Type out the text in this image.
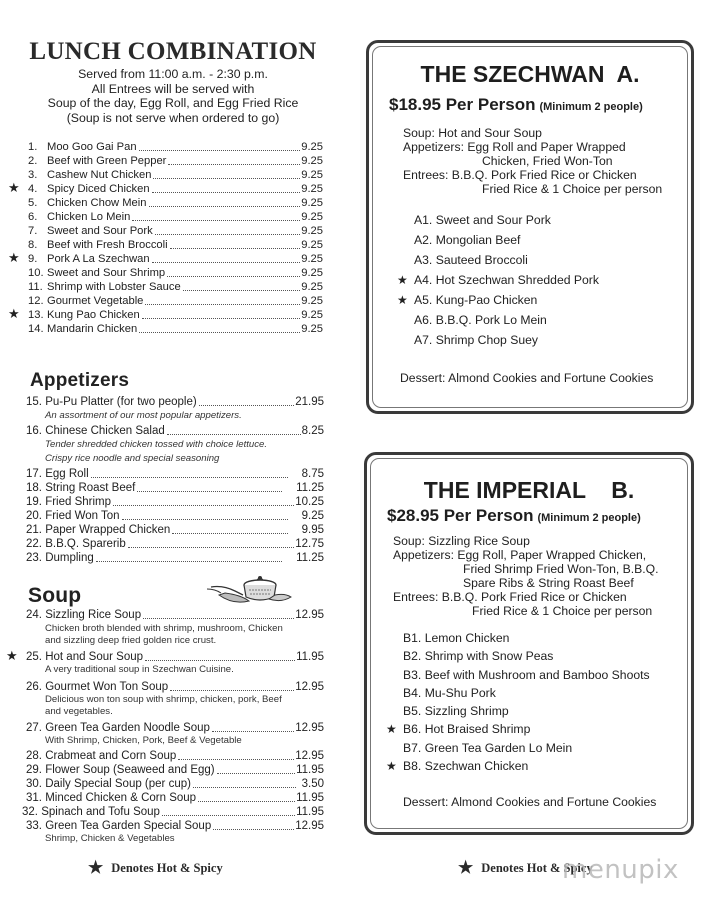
LUNCH COMBINATION
Served from 11:00 a.m. - 2:30 p.m.
All Entrees will be served with
Soup of the day, Egg Roll, and Egg Fried Rice
(Soup is not serve when ordered to go)
1. Moo Goo Gai Pan	9.25
2. Beef with Green Pepper	9.25
3. Cashew Nut Chicken	9.25
★ 4. Spicy Diced Chicken	9.25
5. Chicken Chow Mein	9.25
6. Chicken Lo Mein	9.25
7. Sweet and Sour Pork	9.25
8. Beef with Fresh Broccoli	9.25
★ 9. Pork A La Szechwan	9.25
10. Sweet and Sour Shrimp	9.25
11. Shrimp with Lobster Sauce	9.25
12. Gourmet Vegetable	9.25
★ 13. Kung Pao Chicken	9.25
14. Mandarin Chicken	9.25
Appetizers
15. Pu-Pu Platter (for two people)	21.95
An assortment of our most popular appetizers.
16. Chinese Chicken Salad	8.25
Tender shredded chicken tossed with choice lettuce.
Crispy rice noodle and special seasoning
17. Egg Roll	8.75
18. String Roast Beef	11.25
19. Fried Shrimp	10.25
20. Fried Won Ton	9.25
21. Paper Wrapped Chicken	9.95
22. B.B.Q. Sparerib	12.75
23. Dumpling	11.25
Soup
24. Sizzling Rice Soup	12.95
Chicken broth blended with shrimp, mushroom, Chicken
and sizzling deep fried golden rice crust.
★ 25. Hot and Sour Soup	11.95
A very traditional soup in Szechwan Cuisine.
26. Gourmet Won Ton Soup	12.95
Delicious won ton soup with shrimp, chicken, pork, Beef
and vegetables.
27. Green Tea Garden Noodle Soup	12.95
With Shrimp, Chicken, Pork, Beef & Vegetable
28. Crabmeat and Corn Soup	12.95
29. Flower Soup (Seaweed and Egg)	11.95
30. Daily Special Soup (per cup)	3.50
31. Minced Chicken & Corn Soup	11.95
32. Spinach and Tofu Soup	11.95
33. Green Tea Garden Special Soup	12.95
Shrimp, Chicken & Vegetables
★ Denotes Hot & Spicy
THE SZECHWAN  A.
$18.95 Per Person (Minimum 2 people)
Soup: Hot and Sour Soup
Appetizers: Egg Roll and Paper Wrapped
Chicken, Fried Won-Ton
Entrees: B.B.Q. Pork Fried Rice or Chicken
Fried Rice & 1 Choice per person
A1. Sweet and Sour Pork
A2. Mongolian Beef
A3. Sauteed Broccoli
★ A4. Hot Szechwan Shredded Pork
★ A5. Kung-Pao Chicken
A6. B.B.Q. Pork Lo Mein
A7. Shrimp Chop Suey
Dessert: Almond Cookies and Fortune Cookies
THE IMPERIAL    B.
$28.95 Per Person (Minimum 2 people)
Soup: Sizzling Rice Soup
Appetizers: Egg Roll, Paper Wrapped Chicken,
Fried Shrimp Fried Won-Ton, B.B.Q.
Spare Ribs & String Roast Beef
Entrees: B.B.Q. Pork Fried Rice or Chicken
Fried Rice & 1 Choice per person
B1. Lemon Chicken
B2. Shrimp with Snow Peas
B3. Beef with Mushroom and Bamboo Shoots
B4. Mu-Shu Pork
B5. Sizzling Shrimp
★ B6. Hot Braised Shrimp
B7. Green Tea Garden Lo Mein
★ B8. Szechwan Chicken
Dessert: Almond Cookies and Fortune Cookies
★ Denotes Hot & Spicy
menupix
